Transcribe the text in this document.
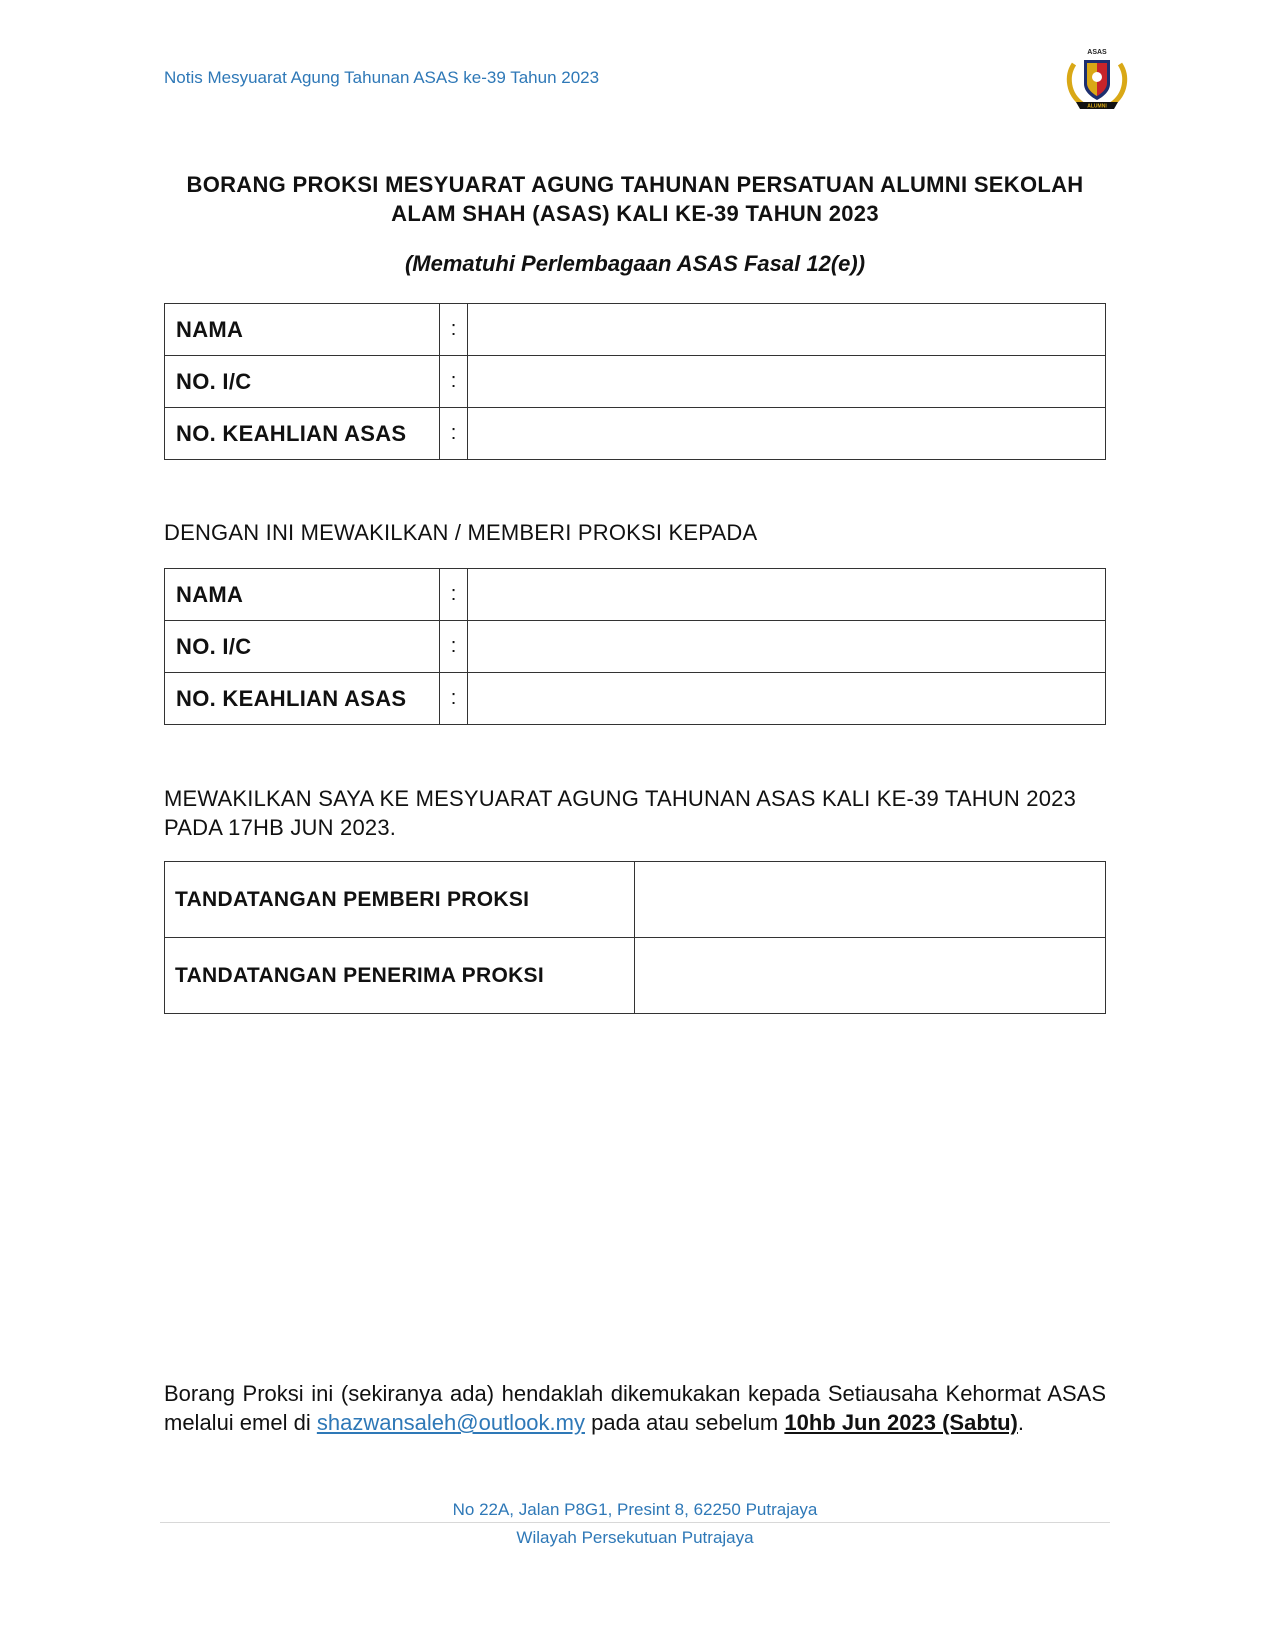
Notis Mesyuarat Agung Tahunan ASAS ke-39 Tahun 2023
ASAS
ALUMNI
BORANG PROKSI MESYUARAT AGUNG TAHUNAN PERSATUAN ALUMNI SEKOLAH
ALAM SHAH (ASAS) KALI KE-39 TAHUN 2023
(Mematuhi Perlembagaan ASAS Fasal 12(e))
NAMA	:	
NO. I/C	:	
NO. KEAHLIAN ASAS	:	
DENGAN INI MEWAKILKAN / MEMBERI PROKSI KEPADA
NAMA	:	
NO. I/C	:	
NO. KEAHLIAN ASAS	:	
MEWAKILKAN SAYA KE MESYUARAT AGUNG TAHUNAN ASAS KALI KE-39 TAHUN 2023
PADA 17HB JUN 2023.
TANDATANGAN PEMBERI PROKSI	
TANDATANGAN PENERIMA PROKSI	
Borang Proksi ini (sekiranya ada) hendaklah dikemukakan kepada Setiausaha Kehormat ASAS melalui emel di shazwansaleh@outlook.my pada atau sebelum 10hb Jun 2023 (Sabtu).
No 22A, Jalan P8G1, Presint 8, 62250 Putrajaya
Wilayah Persekutuan Putrajaya
